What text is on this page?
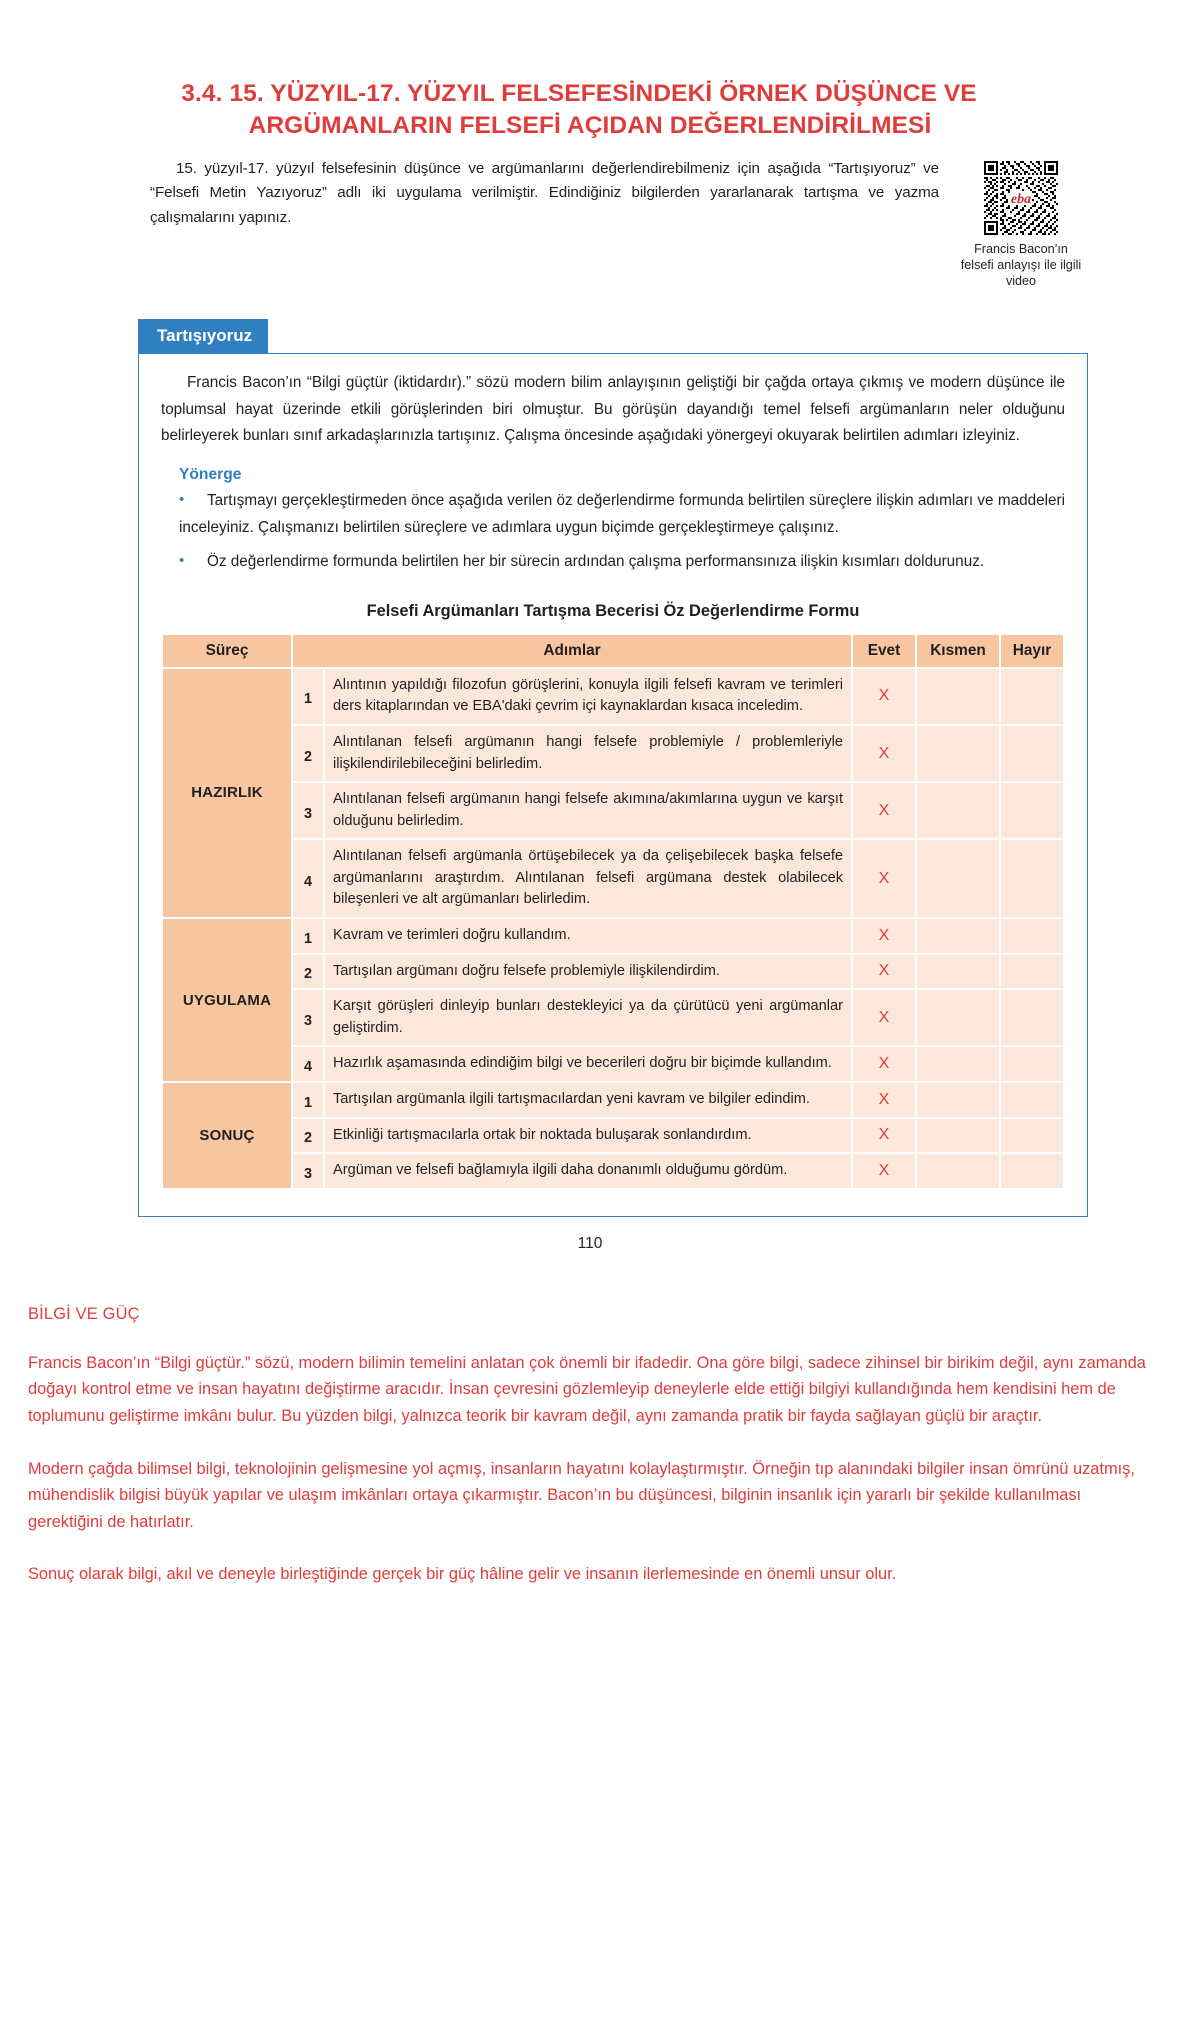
3.4. 15. YÜZYIL-17. YÜZYIL FELSEFESİNDEKİ ÖRNEK DÜŞÜNCE VE
ARGÜMANLARIN FELSEFİ AÇIDAN DEĞERLENDİRİLMESİ

15. yüzyıl-17. yüzyıl felsefesinin düşünce ve argümanlarını değerlendirebilmeniz için aşağıda “Tartışıyoruz” ve “Felsefi Metin Yazıyoruz” adlı iki uygulama verilmiştir. Edindiğiniz bilgilerden yararlanarak tartışma ve yazma çalışmalarını yapınız.

eba
Francis Bacon’ın felsefi anlayışı ile ilgili video
Tartışıyoruz

Francis Bacon’ın “Bilgi güçtür (iktidardır).” sözü modern bilim anlayışının geliştiği bir çağda ortaya çıkmış ve modern düşünce ile toplumsal hayat üzerinde etkili görüşlerinden biri olmuştur. Bu görüşün dayandığı temel felsefi argümanların neler olduğunu belirleyerek bunları sınıf arkadaşlarınızla tartışınız. Çalışma öncesinde aşağıdaki yönergeyi okuyarak belirtilen adımları izleyiniz.

Yönerge
•	Tartışmayı gerçekleştirmeden önce aşağıda verilen öz değerlendirme formunda belirtilen süreçlere ilişkin adımları ve maddeleri inceleyiniz. Çalışmanızı belirtilen süreçlere ve adımlara uygun biçimde gerçekleştirmeye çalışınız.
•	Öz değerlendirme formunda belirtilen her bir sürecin ardından çalışma performansınıza ilişkin kısımları doldurunuz.
Felsefi Argümanları Tartışma Becerisi Öz Değerlendirme Formu
Süreç	Adımlar		Evet	Kısmen	Hayır
HAZIRLIK	1	Alıntının yapıldığı filozofun görüşlerini, konuyla ilgili felsefi kavram ve terimleri ders kitaplarından ve EBA'daki çevrim içi kaynaklardan kısaca inceledim.	X		
	2	Alıntılanan felsefi argümanın hangi felsefe problemiyle / problemleriyle ilişkilendirilebileceğini belirledim.	X		
	3	Alıntılanan felsefi argümanın hangi felsefe akımına/akımlarına uygun ve karşıt olduğunu belirledim.	X		
	4	Alıntılanan felsefi argümanla örtüşebilecek ya da çelişebilecek başka felsefe argümanlarını araştırdım. Alıntılanan felsefi argümana destek olabilecek bileşenleri ve alt argümanları belirledim.	X		
UYGULAMA	1	Kavram ve terimleri doğru kullandım.	X		
	2	Tartışılan argümanı doğru felsefe problemiyle ilişkilendirdim.	X		
	3	Karşıt görüşleri dinleyip bunları destekleyici ya da çürütücü yeni argümanlar geliştirdim.	X		
	4	Hazırlık aşamasında edindiğim bilgi ve becerileri doğru bir biçimde kullandım.	X		
SONUÇ	1	Tartışılan argümanla ilgili tartışmacılardan yeni kavram ve bilgiler edindim.	X		
	2	Etkinliği tartışmacılarla ortak bir noktada buluşarak sonlandırdım.	X		
	3	Argüman ve felsefi bağlamıyla ilgili daha donanımlı olduğumu gördüm.	X		
110
BİLGİ VE GÜÇ

Francis Bacon’ın “Bilgi güçtür.” sözü, modern bilimin temelini anlatan çok önemli bir ifadedir. Ona göre bilgi, sadece zihinsel bir birikim değil, aynı zamanda doğayı kontrol etme ve insan hayatını değiştirme aracıdır. İnsan çevresini gözlemleyip deneylerle elde ettiği bilgiyi kullandığında hem kendisini hem de toplumunu geliştirme imkânı bulur. Bu yüzden bilgi, yalnızca teorik bir kavram değil, aynı zamanda pratik bir fayda sağlayan güçlü bir araçtır.

Modern çağda bilimsel bilgi, teknolojinin gelişmesine yol açmış, insanların hayatını kolaylaştırmıştır. Örneğin tıp alanındaki bilgiler insan ömrünü uzatmış, mühendislik bilgisi büyük yapılar ve ulaşım imkânları ortaya çıkarmıştır. Bacon’ın bu düşüncesi, bilginin insanlık için yararlı bir şekilde kullanılması gerektiğini de hatırlatır.

Sonuç olarak bilgi, akıl ve deneyle birleştiğinde gerçek bir güç hâline gelir ve insanın ilerlemesinde en önemli unsur olur.
